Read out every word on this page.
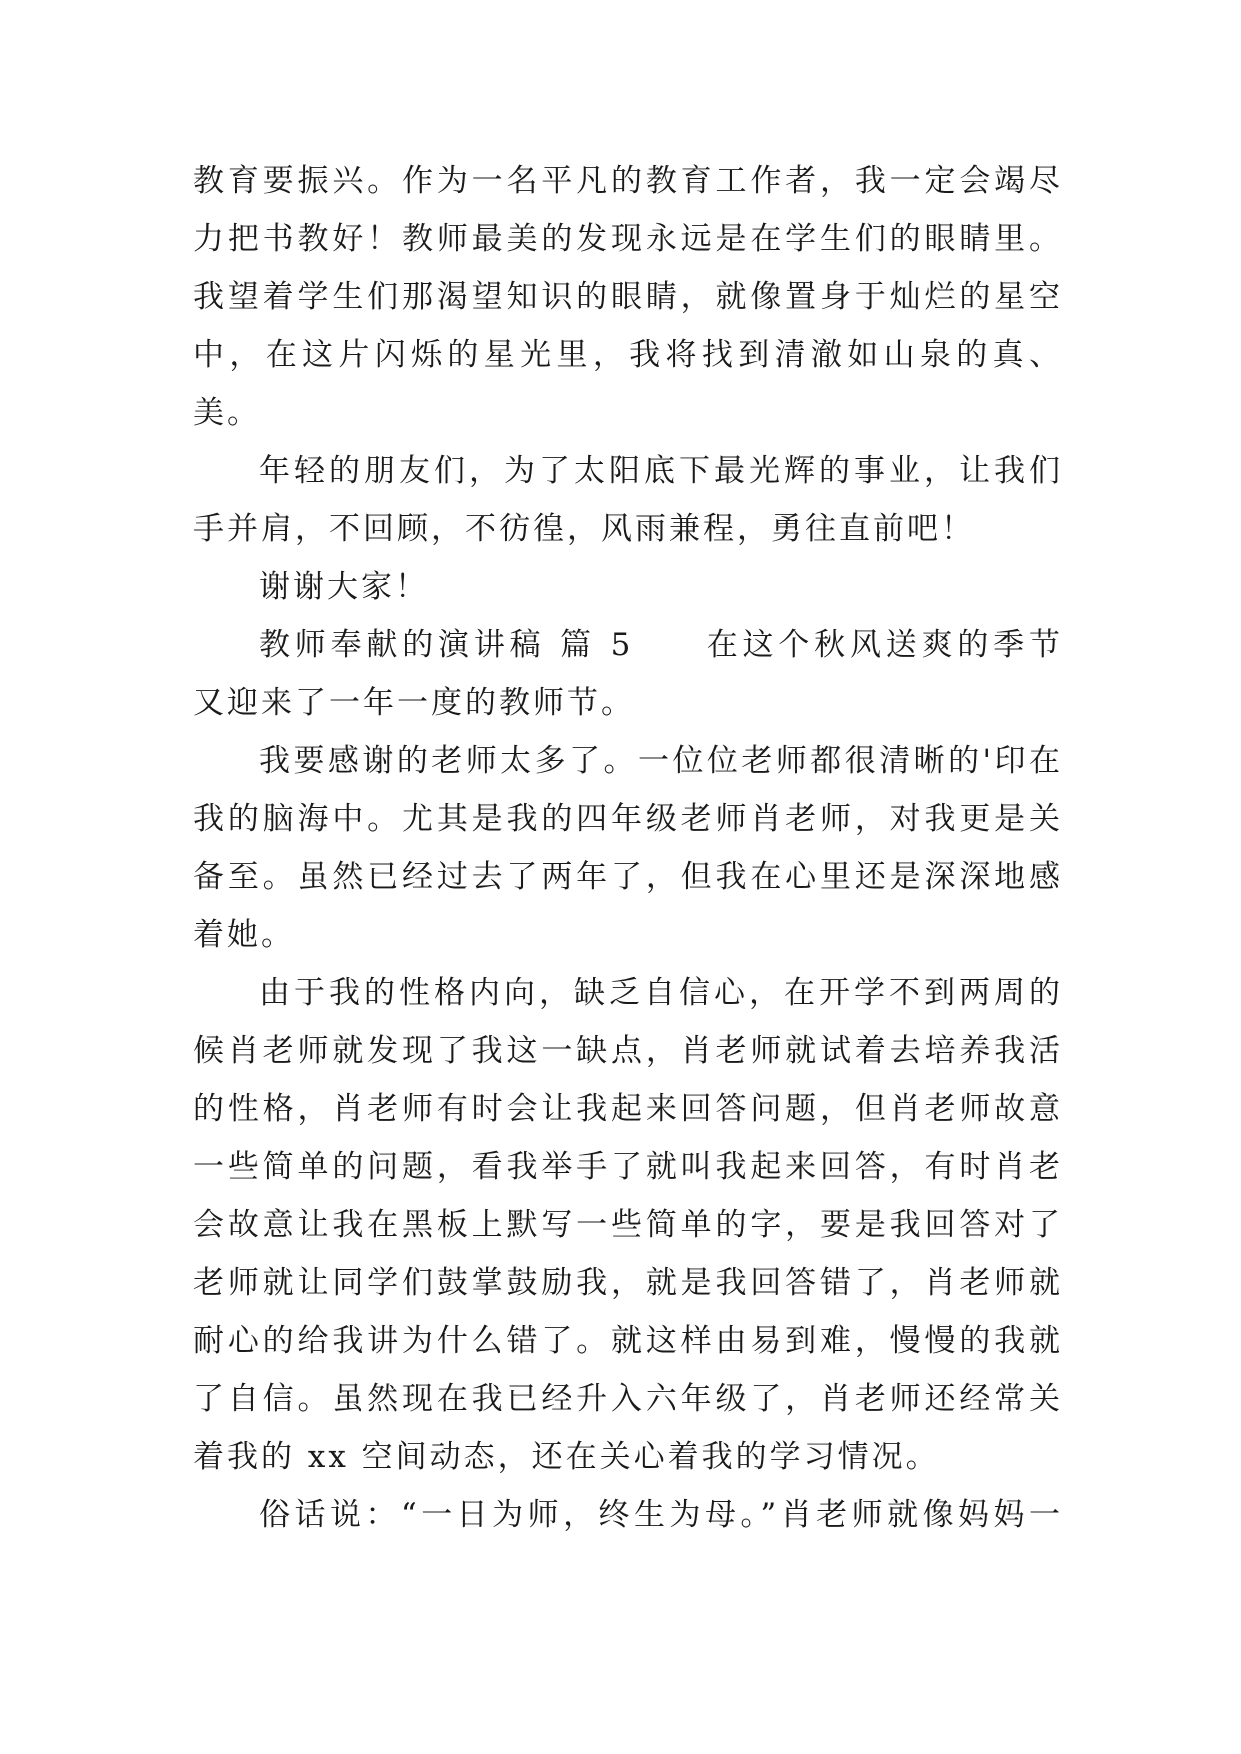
教育要振兴。作为一名平凡的教育工作者，我一定会竭尽
力把书教好！教师最美的发现永远是在学生们的眼睛里。
我望着学生们那渴望知识的眼睛，就像置身于灿烂的星空
中，在这片闪烁的星光里，我将找到清澈如山泉的真、
美。
年轻的朋友们，为了太阳底下最光辉的事业，让我们
手并肩，不回顾，不彷徨，风雨兼程，勇往直前吧！
谢谢大家！
教师奉献的演讲稿 篇 5　　在这个秋风送爽的季节
又迎来了一年一度的教师节。
我要感谢的老师太多了。一位位老师都很清晰的'印在
我的脑海中。尤其是我的四年级老师肖老师，对我更是关
备至。虽然已经过去了两年了，但我在心里还是深深地感
着她。
由于我的性格内向，缺乏自信心，在开学不到两周的
候肖老师就发现了我这一缺点，肖老师就试着去培养我活
的性格，肖老师有时会让我起来回答问题，但肖老师故意
一些简单的问题，看我举手了就叫我起来回答，有时肖老
会故意让我在黑板上默写一些简单的字，要是我回答对了
老师就让同学们鼓掌鼓励我，就是我回答错了，肖老师就
耐心的给我讲为什么错了。就这样由易到难，慢慢的我就
了自信。虽然现在我已经升入六年级了，肖老师还经常关
着我的 xx 空间动态，还在关心着我的学习情况。
俗话说：“一日为师，终生为母。”肖老师就像妈妈一
